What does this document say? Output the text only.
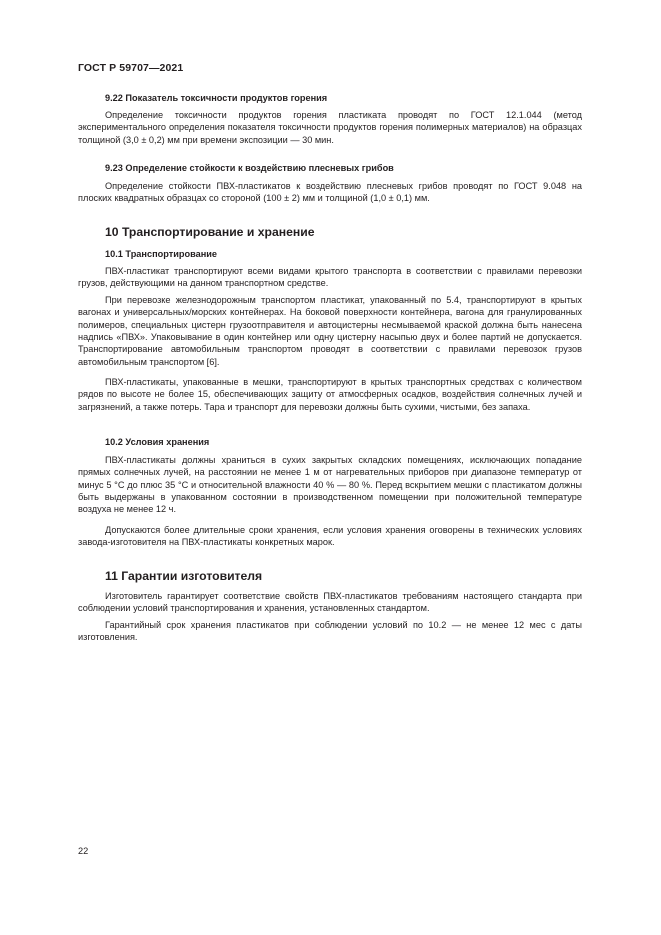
ГОСТ Р 59707—2021
9.22 Показатель токсичности продуктов горения

Определение токсичности продуктов горения пластиката проводят по ГОСТ 12.1.044 (метод экспериментального определения показателя токсичности продуктов горения полимерных материалов) на образцах толщиной (3,0 ± 0,2) мм при времени экспозиции — 30 мин.

9.23 Определение стойкости к воздействию плесневых грибов

Определение стойкости ПВХ-пластикатов к воздействию плесневых грибов проводят по ГОСТ 9.048 на плоских квадратных образцах со стороной (100 ± 2) мм и толщиной (1,0 ± 0,1) мм.

10 Транспортирование и хранение
10.1 Транспортирование

ПВХ-пластикат транспортируют всеми видами крытого транспорта в соответствии с правилами перевозки грузов, действующими на данном транспортном средстве.

При перевозке железнодорожным транспортом пластикат, упакованный по 5.4, транспортируют в крытых вагонах и универсальных/морских контейнерах. На боковой поверхности контейнера, вагона для гранулированных полимеров, специальных цистерн грузоотправителя и автоцистерны несмываемой краской должна быть нанесена надпись «ПВХ». Упаковывание в один контейнер или одну цистерну насыпью двух и более партий не допускается. Транспортирование автомобильным транспортом проводят в соответствии с правилами перевозок грузов автомобильным транспортом [6].

ПВХ-пластикаты, упакованные в мешки, транспортируют в крытых транспортных средствах с количеством рядов по высоте не более 15, обеспечивающих защиту от атмосферных осадков, воздействия солнечных лучей и загрязнений, а также потерь. Тара и транспорт для перевозки должны быть сухими, чистыми, без запаха.

10.2 Условия хранения

ПВХ-пластикаты должны храниться в сухих закрытых складских помещениях, исключающих попадание прямых солнечных лучей, на расстоянии не менее 1 м от нагревательных приборов при диапазоне температур от минус 5 °С до плюс 35 °С и относительной влажности 40 % — 80 %. Перед вскрытием мешки с пластикатом должны быть выдержаны в упакованном состоянии в производственном помещении при положительной температуре воздуха не менее 12 ч.

Допускаются более длительные сроки хранения, если условия хранения оговорены в технических условиях завода-изготовителя на ПВХ-пластикаты конкретных марок.

11 Гарантии изготовителя

Изготовитель гарантирует соответствие свойств ПВХ-пластикатов требованиям настоящего стандарта при соблюдении условий транспортирования и хранения, установленных стандартом.

Гарантийный срок хранения пластикатов при соблюдении условий по 10.2 — не менее 12 мес с даты изготовления.

22
